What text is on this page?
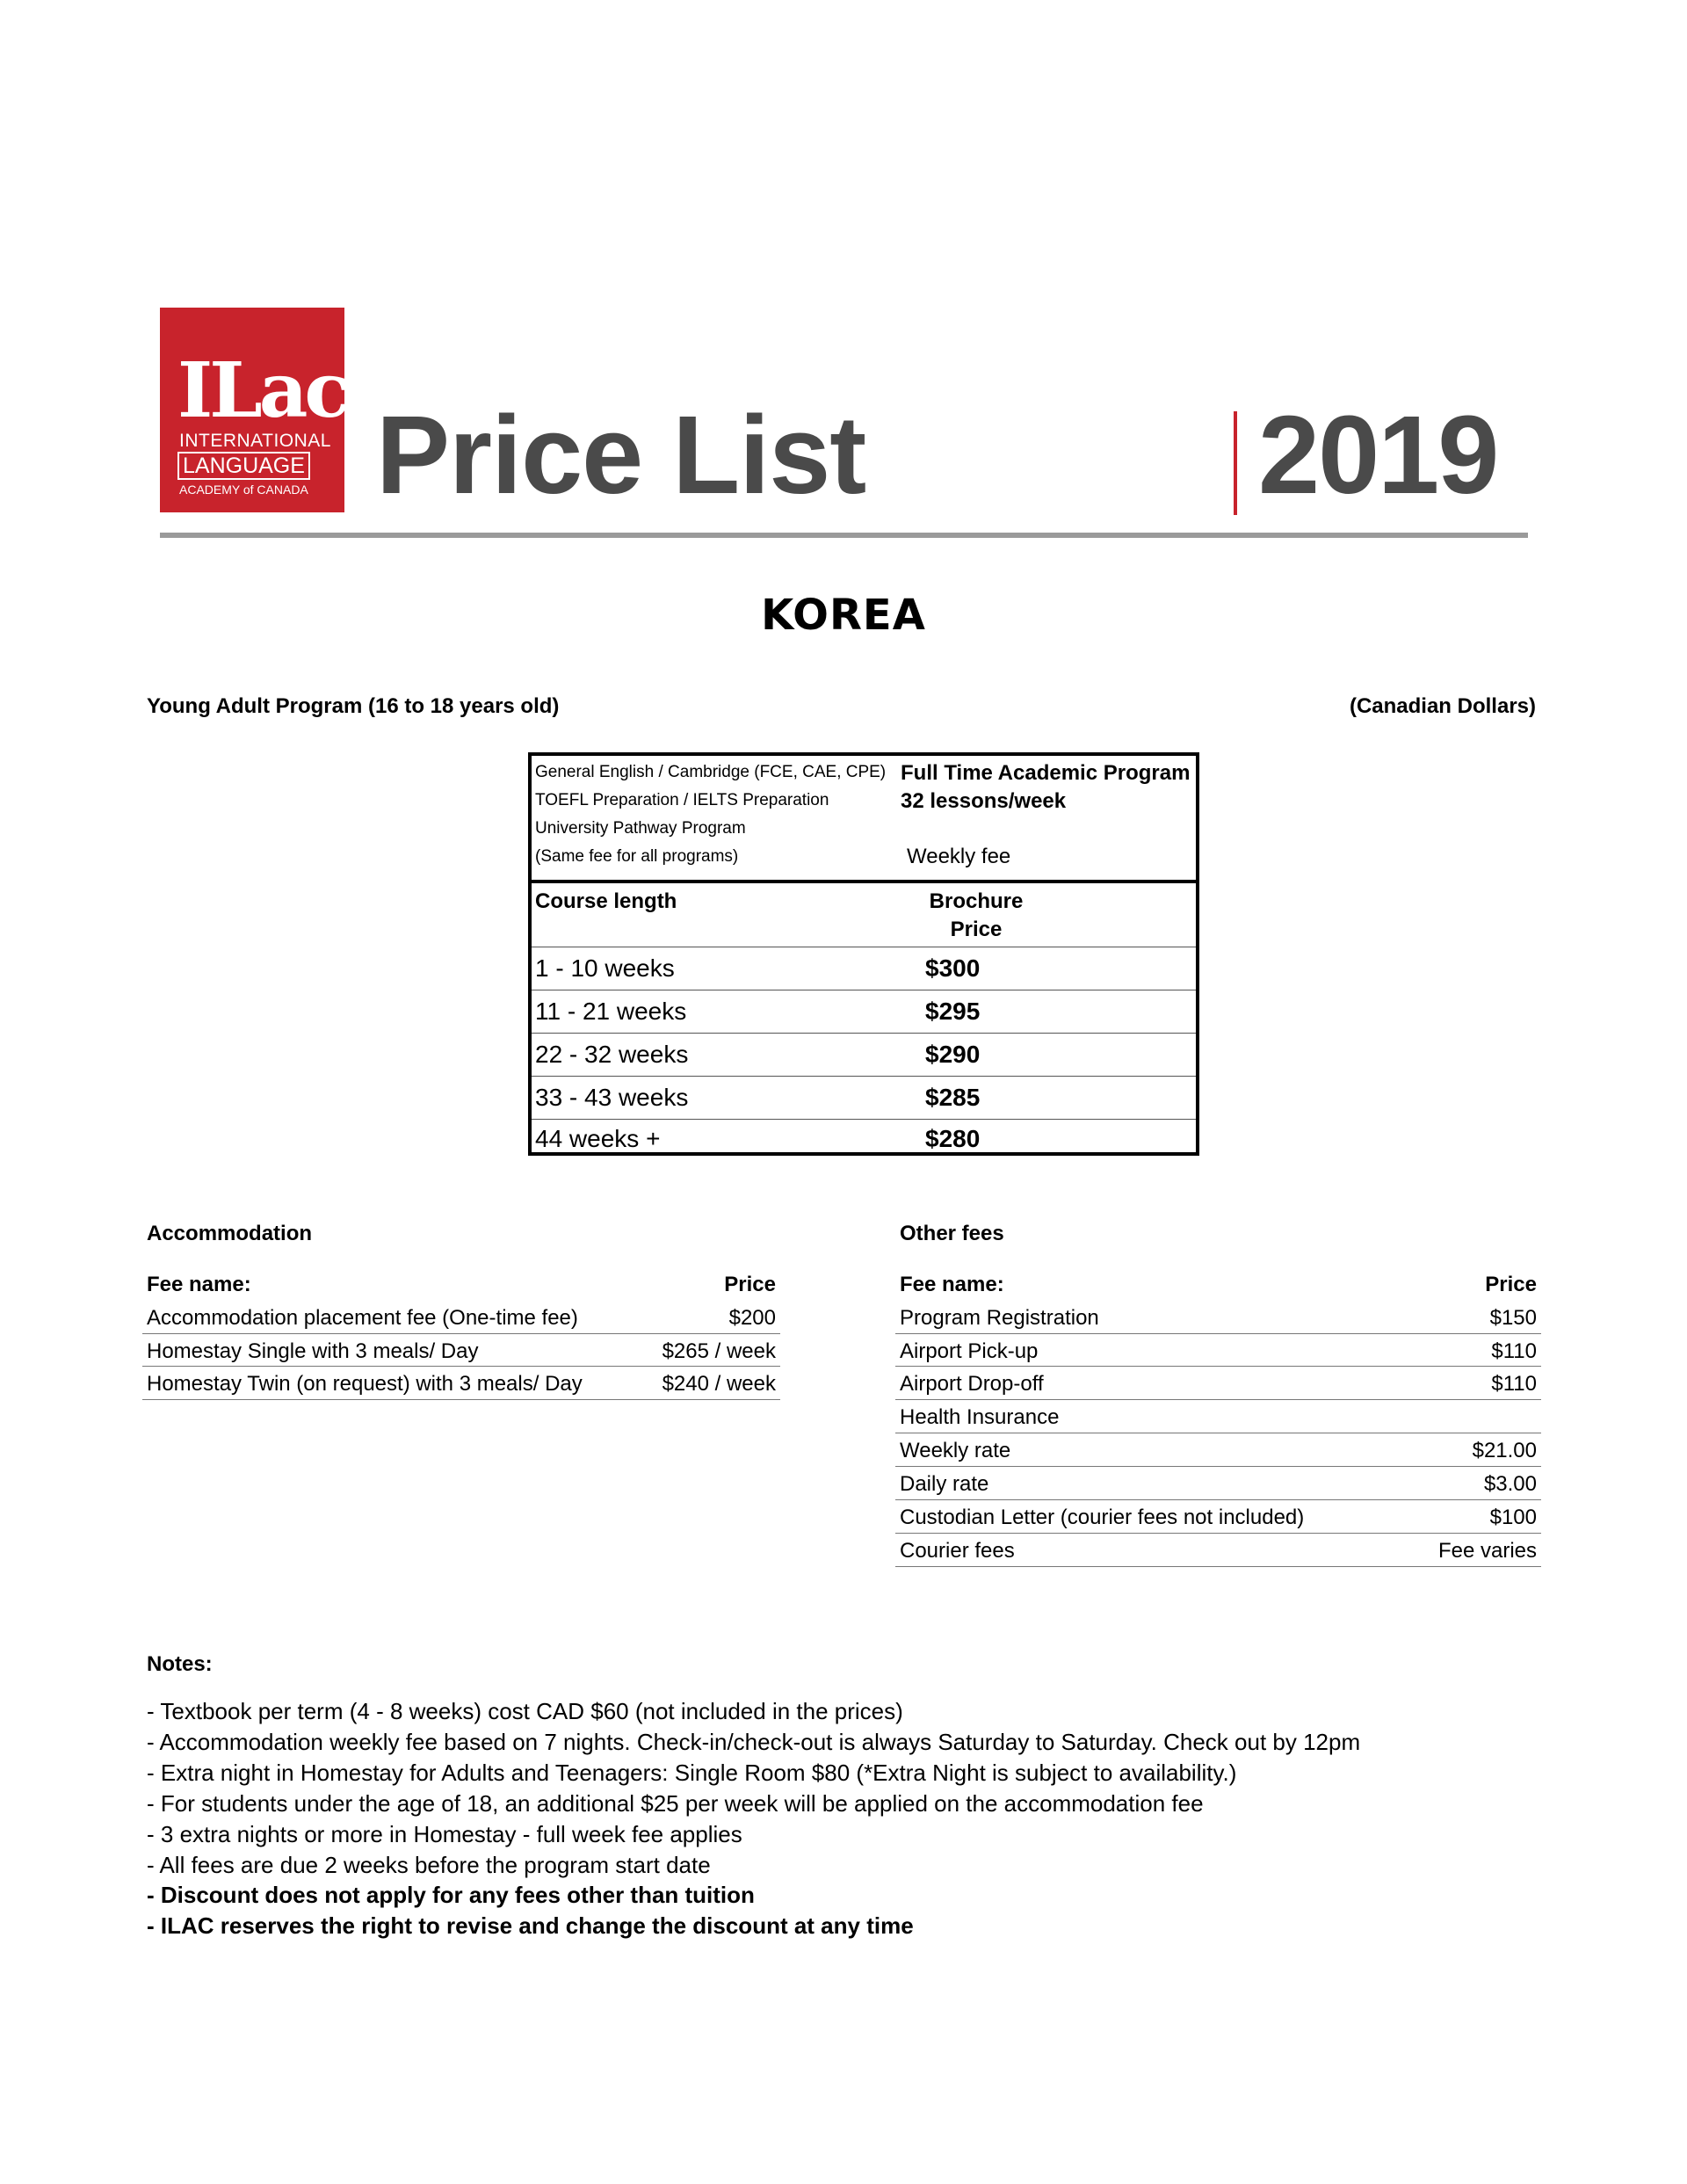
ILac
INTERNATIONAL
LANGUAGE
ACADEMY of CANADA Price List	2019
KOREA
Young Adult Program (16 to 18 years old)	(Canadian Dollars)
General English / Cambridge (FCE, CAE, CPE)
TOEFL Preparation / IELTS Preparation
University Pathway Program
(Same fee for all programs)
Full Time Academic Program
32 lessons/week
Weekly fee
Course length	Brochure
Price
1 - 10 weeks	$300
11 - 21 weeks	$295
22 - 32 weeks	$290
33 - 43 weeks	$285
44 weeks +	$280
Accommodation
Fee name:	Price
Accommodation placement fee (One-time fee)	$200
Homestay Single with 3 meals/ Day	$265 / week
Homestay Twin (on request) with 3 meals/ Day	$240 / week
Other fees
Fee name:	Price
Program Registration	$150
Airport Pick-up	$110
Airport Drop-off	$110
Health Insurance
Weekly rate	$21.00
Daily rate	$3.00
Custodian Letter (courier fees not included)	$100
Courier fees	Fee varies
Notes:
- Textbook per term (4 - 8 weeks) cost CAD $60 (not included in the prices)
- Accommodation weekly fee based on 7 nights. Check-in/check-out is always Saturday to Saturday. Check out by 12pm
- Extra night in Homestay for Adults and Teenagers: Single Room $80 (*Extra Night is subject to availability.)
- For students under the age of 18, an additional $25 per week will be applied on the accommodation fee
- 3 extra nights or more in Homestay - full week fee applies
- All fees are due 2 weeks before the program start date
- Discount does not apply for any fees other than tuition
- ILAC reserves the right to revise and change the discount at any time
